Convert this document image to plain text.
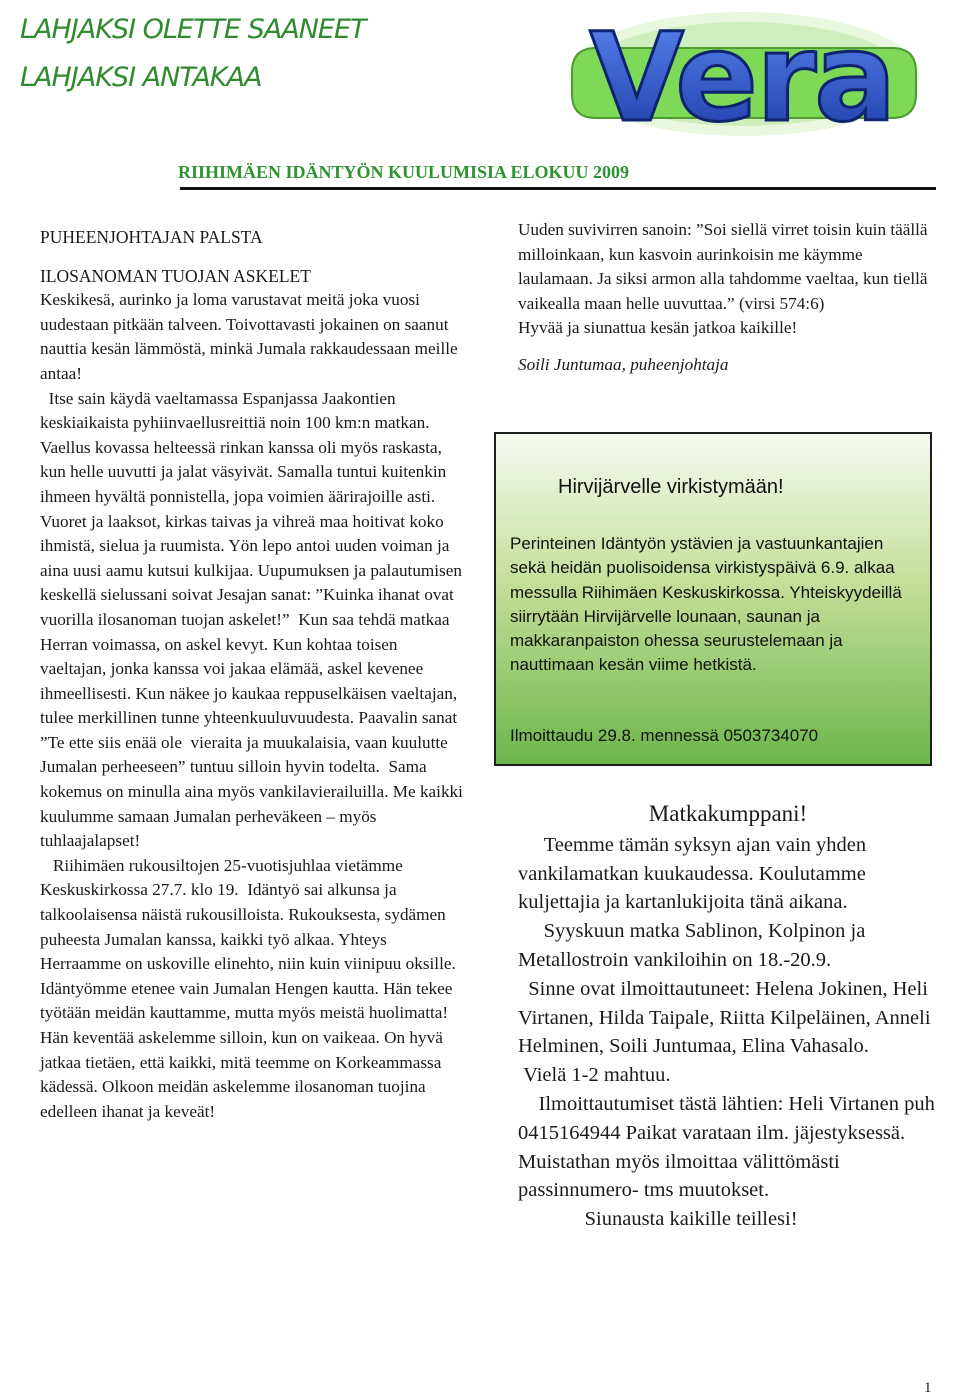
LAHJAKSI OLETTE SAANEET
LAHJAKSI ANTAKAA	Vera
RIIHIMÄEN IDÄNTYÖN KUULUMISIA ELOKUU 2009
PUHEENJOHTAJAN PALSTA
ILOSANOMAN TUOJAN ASKELET

Keskikesä, aurinko ja loma varustavat meitä joka vuosi uudestaan pitkään talveen. Toivottavasti jokainen on saanut nauttia kesän lämmöstä, minkä Jumala rakkaudessaan meille antaa!

Itse sain käydä vaeltamassa Espanjassa Jaakontien keskiaikaista pyhiinvaellusreittiä noin 100 km:n matkan. Vaellus kovassa helteessä rinkan kanssa oli myös raskasta, kun helle uuvutti ja jalat väsyivät. Samalla tuntui kuitenkin ihmeen hyvältä ponnistella, jopa voimien äärirajoille asti. Vuoret ja laaksot, kirkas taivas ja vihreä maa hoitivat koko ihmistä, sielua ja ruumista. Yön lepo antoi uuden voiman ja aina uusi aamu kutsui kulkijaa. Uupumuksen ja palautumisen keskellä sielussani soivat Jesajan sanat: ”Kuinka ihanat ovat vuorilla ilosanoman tuojan askelet!”  Kun saa tehdä matkaa Herran voimassa, on askel kevyt. Kun kohtaa toisen vaeltajan, jonka kanssa voi jakaa elämää, askel kevenee ihmeellisesti. Kun näkee jo kaukaa reppuselkäisen vaeltajan, tulee merkillinen tunne yhteenkuuluvuudesta. Paavalin sanat ”Te ette siis enää ole  vieraita ja muukalaisia, vaan kuulutte Jumalan perheeseen” tuntuu silloin hyvin todelta.  Sama kokemus on minulla aina myös vankilavierailuilla. Me kaikki kuulumme samaan Jumalan perheväkeen – myös tuhlaajalapset!

Riihimäen rukousiltojen 25-vuotisjuhlaa vietämme Keskuskirkossa 27.7. klo 19.  Idäntyö sai alkunsa ja talkoolaisensa näistä rukousilloista. Rukouksesta, sydämen puheesta Jumalan kanssa, kaikki työ alkaa. Yhteys Herraamme on uskoville elinehto, niin kuin viinipuu oksille.

Idäntyömme etenee vain Jumalan Hengen kautta. Hän tekee työtään meidän kauttamme, mutta myös meistä huolimatta! Hän keventää askelemme silloin, kun on vaikeaa. On hyvä jatkaa tietäen, että kaikki, mitä teemme on Korkeammassa kädessä. Olkoon meidän askelemme ilosanoman tuojina edelleen ihanat ja keveät!

Uuden suvivirren sanoin: ”Soi siellä virret toisin kuin täällä milloinkaan, kun kasvoin aurinkoisin me käymme laulamaan. Ja siksi armon alla tahdomme vaeltaa, kun tiellä vaikealla maan helle uuvuttaa.” (virsi 574:6)

Hyvää ja siunattua kesän jatkoa kaikille!

Soili Juntumaa, puheenjohtaja
Hirvijärvelle virkistymään!
Perinteinen Idäntyön ystävien ja vastuunkantajien sekä heidän puolisoidensa virkistyspäivä 6.9. alkaa messulla Riihimäen Keskuskirkossa. Yhteiskyydeillä siirrytään Hirvijärvelle lounaan, saunan ja makkaranpaiston ohessa seurustelemaan ja nauttimaan kesän viime hetkistä.
Ilmoittaudu 29.8. mennessä 0503734070
Matkakumppani!
Teemme tämän syksyn ajan vain yhden vankilamatkan kuukaudessa. Koulutamme kuljettajia ja kartanlukijoita tänä aikana.
Syyskuun matka Sablinon, Kolpinon ja Metallostroin vankiloihin on 18.-20.9.
Sinne ovat ilmoittautuneet: Helena Jokinen, Heli Virtanen, Hilda Taipale, Riitta Kilpeläinen, Anneli Helminen, Soili Juntumaa, Elina Vahasalo.
Vielä 1-2 mahtuu.
Ilmoittautumiset tästä lähtien: Heli Virtanen puh 0415164944 Paikat varataan ilm. jäjestyksessä. Muistathan myös ilmoittaa välittömästi passinnumero- tms muutokset.
Siunausta kaikille teillesi!
1
